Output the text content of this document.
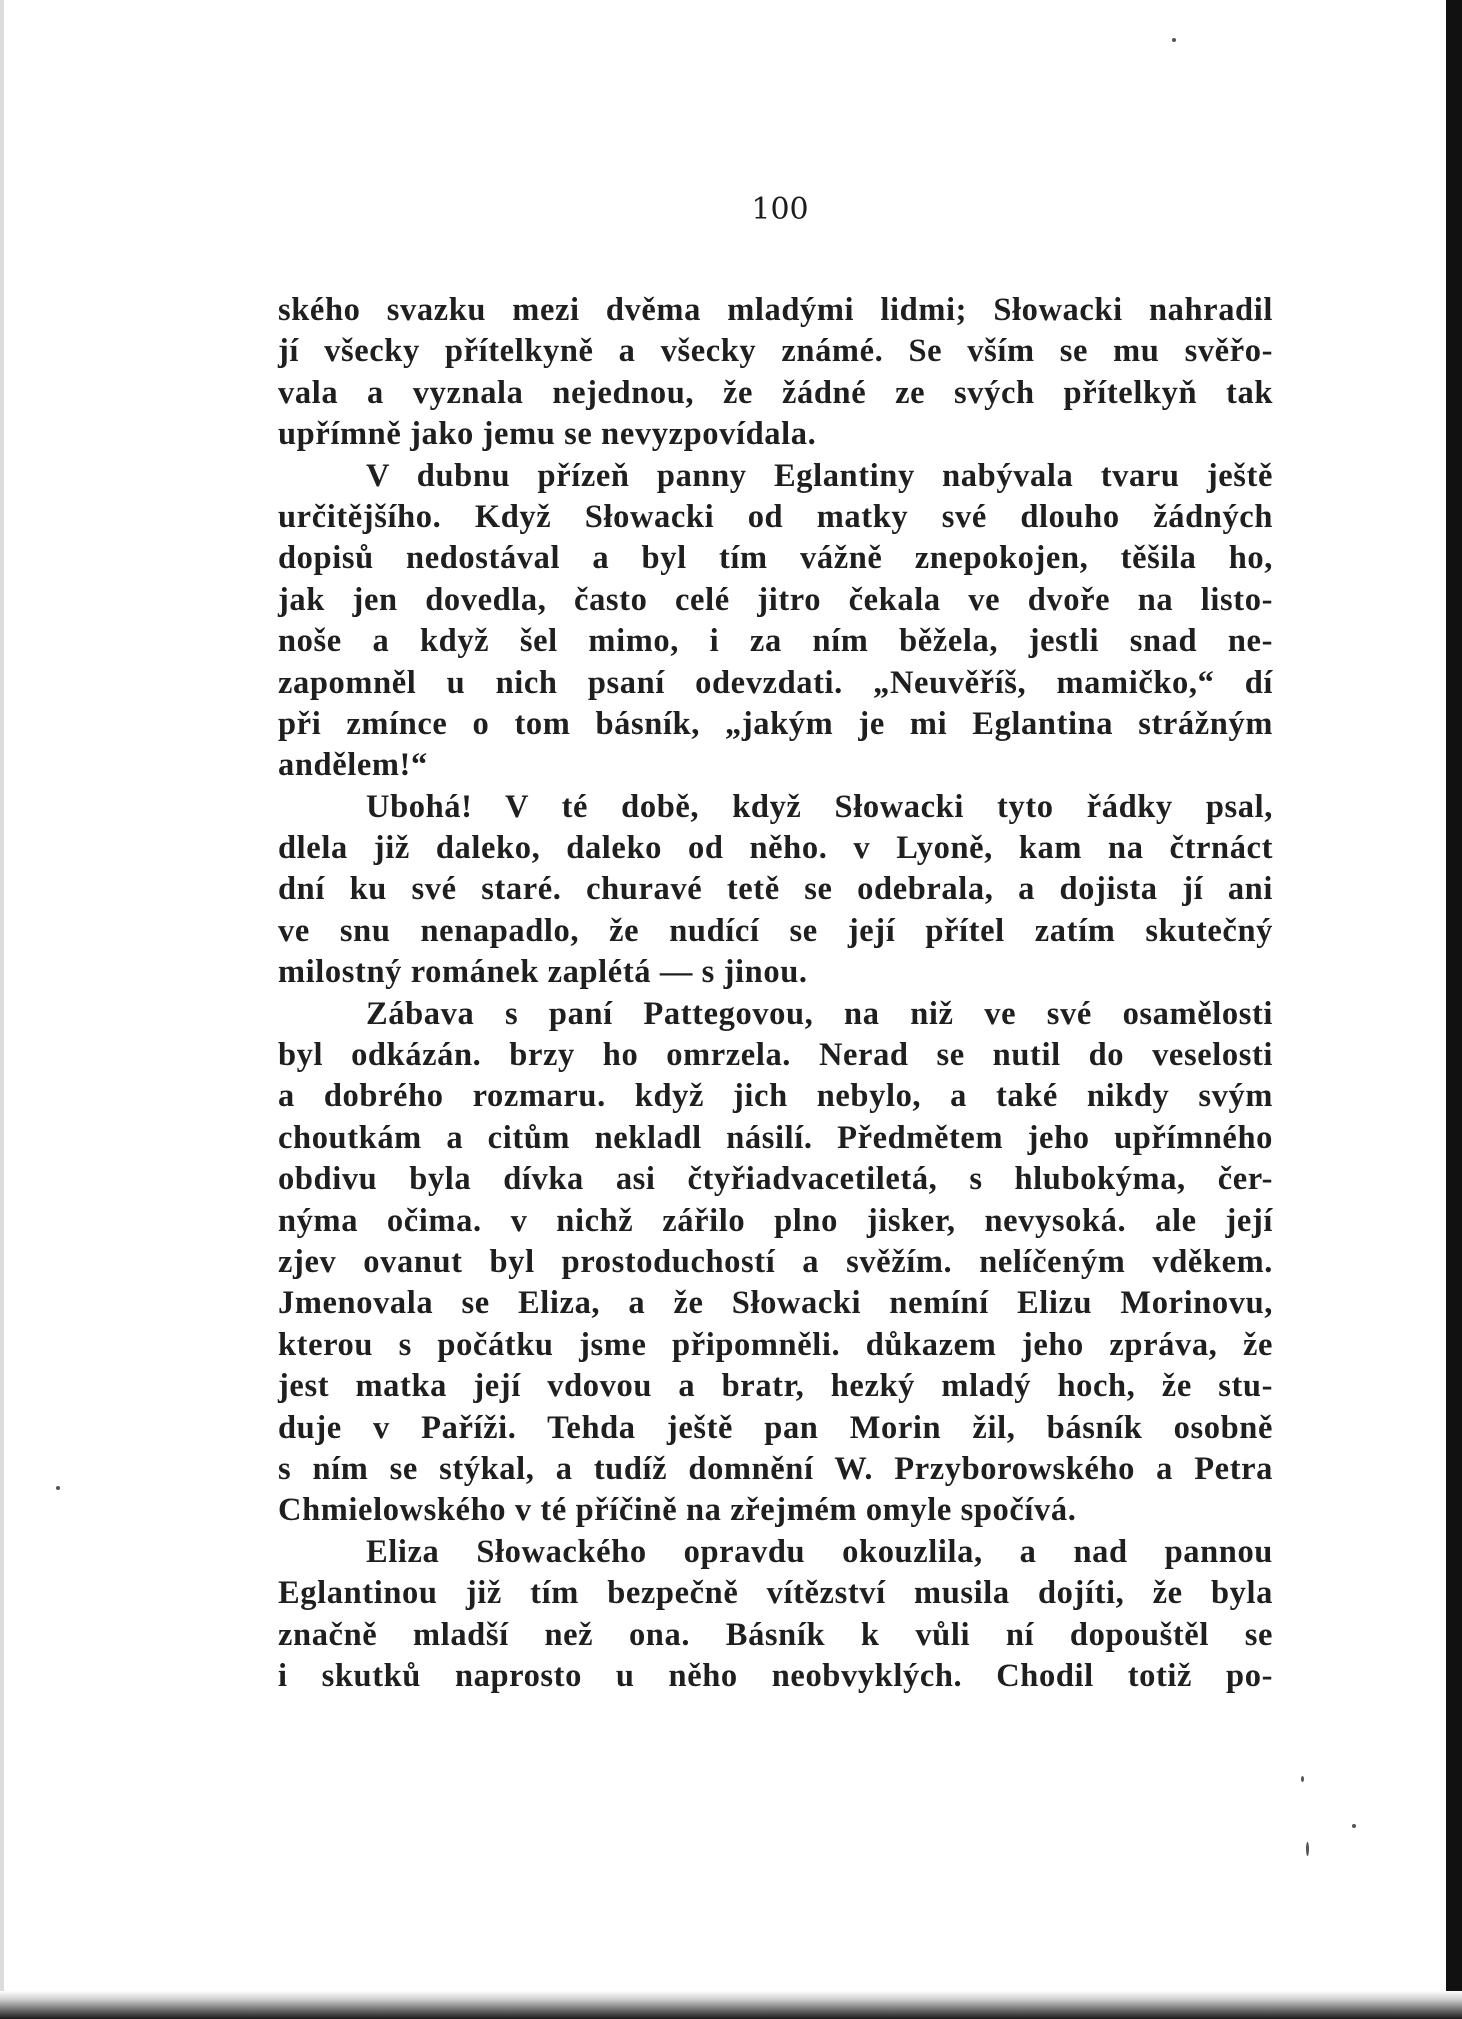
100
ského svazku mezi dvěma mladými lidmi; Słowacki nahradil
jí všecky přítelkyně a všecky známé. Se vším se mu svěřo-
vala a vyznala nejednou, že žádné ze svých přítelkyň tak
upřímně jako jemu se nevyzpovídala.
V dubnu přízeň panny Eglantiny nabývala tvaru ještě
určitějšího. Když Słowacki od matky své dlouho žádných
dopisů nedostával a byl tím vážně znepokojen, těšila ho,
jak jen dovedla, často celé jitro čekala ve dvoře na listo-
noše a když šel mimo, i za ním běžela, jestli snad ne-
zapomněl u nich psaní odevzdati. „Neuvěříš, mamičko,“ dí
při zmínce o tom básník, „jakým je mi Eglantina strážným
andělem!“
Ubohá! V té době, když Słowacki tyto řádky psal,
dlela již daleko, daleko od něho. v Lyoně, kam na čtrnáct
dní ku své staré. churavé tetě se odebrala, a dojista jí ani
ve snu nenapadlo, že nudící se její přítel zatím skutečný
milostný románek zaplétá — s jinou.
Zábava s paní Pattegovou, na niž ve své osamělosti
byl odkázán. brzy ho omrzela. Nerad se nutil do veselosti
a dobrého rozmaru. když jich nebylo, a také nikdy svým
choutkám a citům nekladl násilí. Předmětem jeho upřímného
obdivu byla dívka asi čtyřiadvacetiletá, s hlubokýma, čer-
nýma očima. v nichž zářilo plno jisker, nevysoká. ale její
zjev ovanut byl prostoduchostí a svěžím. nelíčeným vděkem.
Jmenovala se Eliza, a že Słowacki nemíní Elizu Morinovu,
kterou s počátku jsme připomněli. důkazem jeho zpráva, že
jest matka její vdovou a bratr, hezký mladý hoch, že stu-
duje v Paříži. Tehda ještě pan Morin žil, básník osobně
s ním se stýkal, a tudíž domnění W. Przyborowského a Petra
Chmielowského v té příčině na zřejmém omyle spočívá.
Eliza Słowackého opravdu okouzlila, a nad pannou
Eglantinou již tím bezpečně vítězství musila dojíti, že byla
značně mladší než ona. Básník k vůli ní dopouštěl se
i skutků naprosto u něho neobvyklých. Chodil totiž po-
